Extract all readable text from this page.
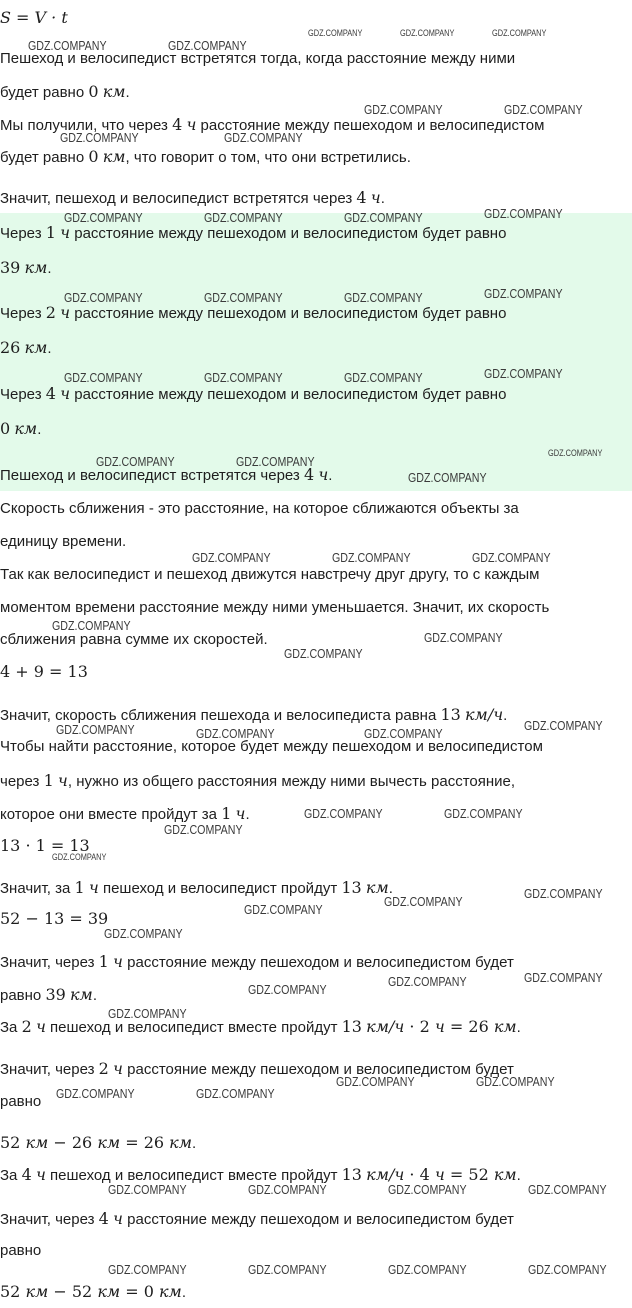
S = V · t
Пешеход и велосипедист встретятся тогда, когда расстояние между ними
будет равно 0 км.
Мы получили, что через 4 ч расстояние между пешеходом и велосипедистом
будет равно 0 км, что говорит о том, что они встретились.
Значит, пешеход и велосипедист встретятся через 4 ч.
Через 1 ч расстояние между пешеходом и велосипедистом будет равно
39 км.
Через 2 ч расстояние между пешеходом и велосипедистом будет равно
26 км.
Через 4 ч расстояние между пешеходом и велосипедистом будет равно
0 км.
Пешеход и велосипедист встретятся через 4 ч.
Скорость сближения - это расстояние, на которое сближаются объекты за
единицу времени.
Так как велосипедист и пешеход движутся навстречу друг другу, то с каждым
моментом времени расстояние между ними уменьшается. Значит, их скорость
сближения равна сумме их скоростей.
4 + 9 = 13
Значит, скорость сближения пешехода и велосипедиста равна 13 км/ч.
Чтобы найти расстояние, которое будет между пешеходом и велосипедистом
через 1 ч, нужно из общего расстояния между ними вычесть расстояние,
которое они вместе пройдут за 1 ч.
13 · 1 = 13
Значит, за 1 ч пешеход и велосипедист пройдут 13 км.
52 − 13 = 39
Значит, через 1 ч расстояние между пешеходом и велосипедистом будет
равно 39 км.
За 2 ч пешеход и велосипедист вместе пройдут 13 км/ч · 2 ч = 26 км.
Значит, через 2 ч расстояние между пешеходом и велосипедистом будет
равно
52 км − 26 км = 26 км.
За 4 ч пешеход и велосипедист вместе пройдут 13 км/ч · 4 ч = 52 км.
Значит, через 4 ч расстояние между пешеходом и велосипедистом будет
равно
52 км − 52 км = 0 км.
GDZ.COMPANY	GDZ.COMPANY	GDZ.COMPANY
GDZ.COMPANY	GDZ.COMPANY
GDZ.COMPANY	GDZ.COMPANY
GDZ.COMPANY	GDZ.COMPANY
GDZ.COMPANY	GDZ.COMPANY	GDZ.COMPANY	GDZ.COMPANY
GDZ.COMPANY	GDZ.COMPANY	GDZ.COMPANY	GDZ.COMPANY
GDZ.COMPANY	GDZ.COMPANY	GDZ.COMPANY	GDZ.COMPANY
GDZ.COMPANY
GDZ.COMPANY	GDZ.COMPANY
GDZ.COMPANY
GDZ.COMPANY	GDZ.COMPANY	GDZ.COMPANY
GDZ.COMPANY
GDZ.COMPANY
GDZ.COMPANY
GDZ.COMPANY
GDZ.COMPANY	GDZ.COMPANY	GDZ.COMPANY
GDZ.COMPANY	GDZ.COMPANY
GDZ.COMPANY
GDZ.COMPANY
GDZ.COMPANY
GDZ.COMPANY
GDZ.COMPANY
GDZ.COMPANY
GDZ.COMPANY
GDZ.COMPANY
GDZ.COMPANY
GDZ.COMPANY
GDZ.COMPANY	GDZ.COMPANY
GDZ.COMPANY	GDZ.COMPANY
GDZ.COMPANY	GDZ.COMPANY	GDZ.COMPANY	GDZ.COMPANY
GDZ.COMPANY	GDZ.COMPANY	GDZ.COMPANY	GDZ.COMPANY
